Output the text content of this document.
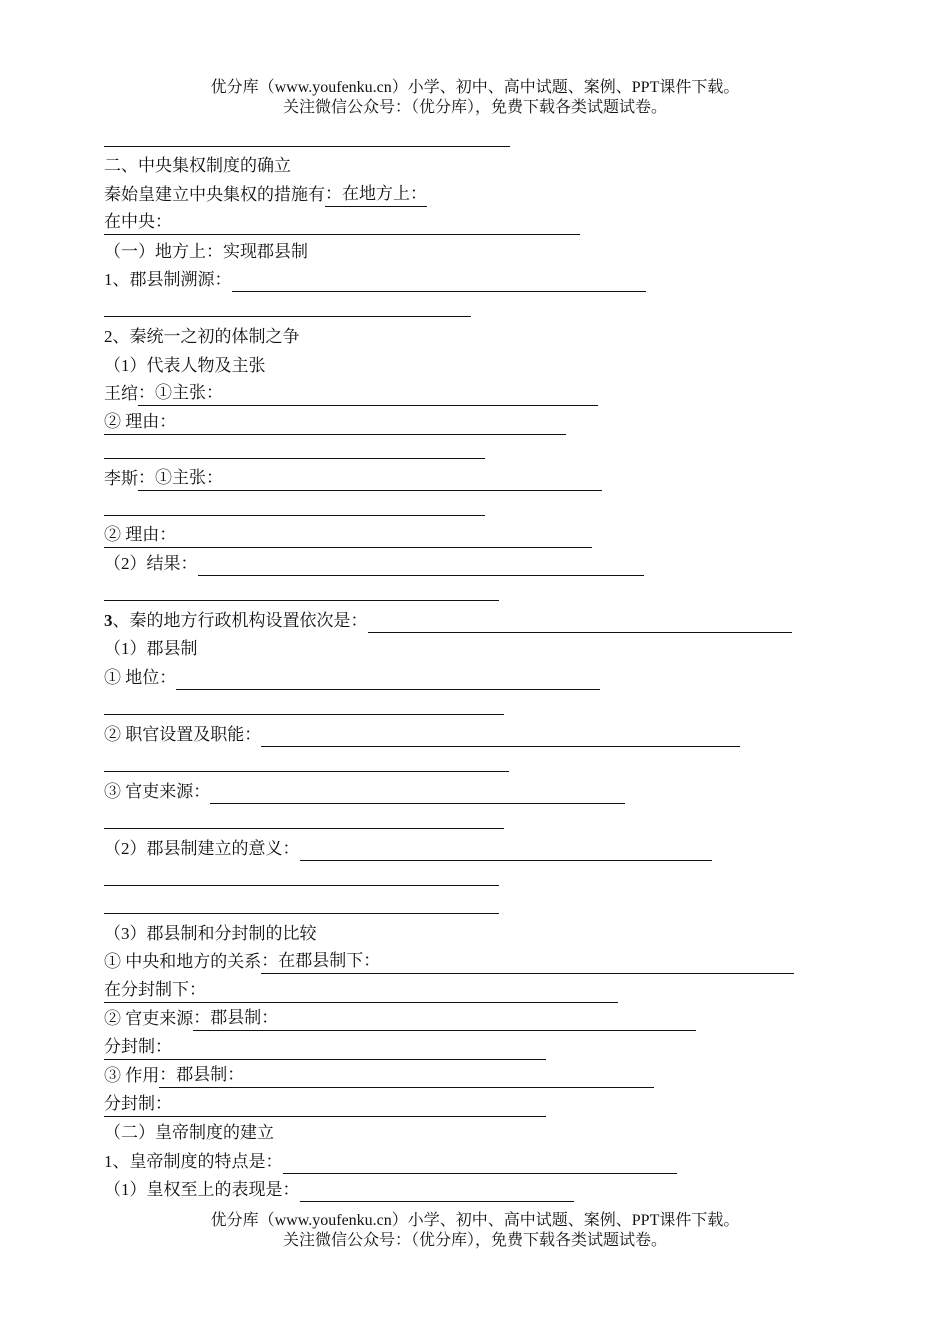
优分库（www.youfenku.cn）小学、初中、高中试题、案例、PPT课件下载。
关注微信公众号：（优分库），免费下载各类试题试卷。
二、中央集权制度的确立
秦始皇建立中央集权的措施有 ：在地方上：
在中央：
（一）地方上：实现郡县制
1、郡县制溯源：
2、秦统一之初的体制之争
（1）代表人物及主张
王绾 ：①主张：
② 理由：
李斯 ：①主张：
② 理由：
（2）结果：
3 、秦的地方行政机构设置依次是：
（1）郡县制
① 地位：
② 职官设置及职能：
③ 官吏来源：
（2）郡县制建立的意义：
（3）郡县制和分封制的比较
① 中央和地方的关系 ：在郡县制下：
在分封制下：
② 官吏来源 ：郡县制：
分封制：
③ 作用 ：郡县制：
分封制：
（二）皇帝制度的建立
1、皇帝制度的特点是：
（1）皇权至上的表现是：
优分库（www.youfenku.cn）小学、初中、高中试题、案例、PPT课件下载。
关注微信公众号：（优分库），免费下载各类试题试卷。
